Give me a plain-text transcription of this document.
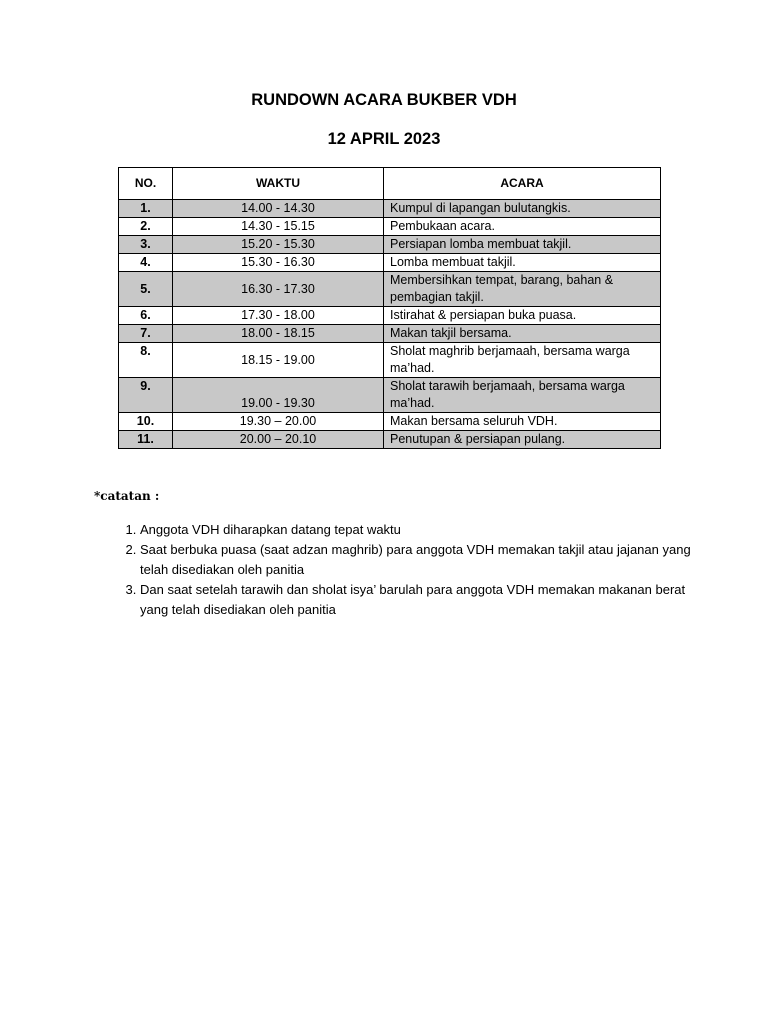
RUNDOWN ACARA BUKBER VDH
12 APRIL 2023
NO.	WAKTU	ACARA
1.	14.00 - 14.30	Kumpul di lapangan bulutangkis.
2.	14.30 - 15.15	Pembukaan acara.
3.	15.20 - 15.30	Persiapan lomba membuat takjil.
4.	15.30 - 16.30	Lomba membuat takjil.
5.	16.30 - 17.30	Membersihkan tempat, barang, bahan & pembagian takjil.
6.	17.30 - 18.00	Istirahat & persiapan buka puasa.
7.	18.00 - 18.15	Makan takjil bersama.
8.	18.15 - 19.00	Sholat maghrib berjamaah, bersama warga ma’had.
9.	19.00 - 19.30	Sholat tarawih berjamaah, bersama warga ma’had.
10.	19.30 – 20.00	Makan bersama seluruh VDH.
11.	20.00 – 20.10	Penutupan & persiapan pulang.
*catatan :
1. Anggota VDH diharapkan datang tepat waktu
2. Saat berbuka puasa (saat adzan maghrib) para anggota VDH memakan takjil atau jajanan yang telah disediakan oleh panitia
3. Dan saat setelah tarawih dan sholat isya’ barulah para anggota VDH memakan makanan berat yang telah disediakan oleh panitia
